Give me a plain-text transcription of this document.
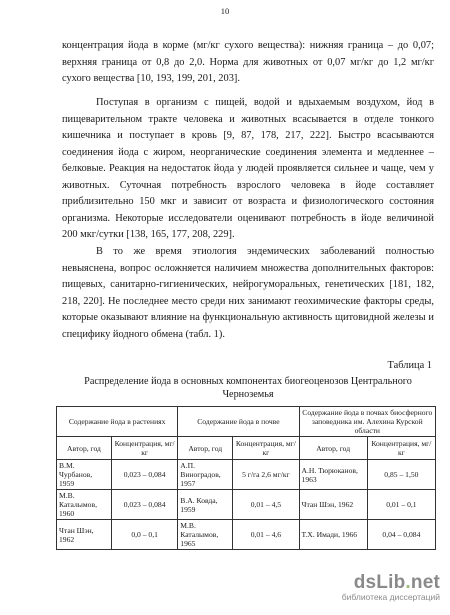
10

концентрация йода в корме (мг/кг сухого вещества): нижняя граница – до 0,07; верхняя граница от 0,8 до 2,0. Норма для животных от 0,07 мг/кг до 1,2 мг/кг сухого вещества [10, 193, 199, 201, 203].

Поступая в организм с пищей, водой и вдыхаемым воздухом, йод в пищеварительном тракте человека и животных всасывается в отделе тонкого кишечника и поступает в кровь [9, 87, 178, 217, 222]. Быстро всасываются соединения йода с жиром, неорганические соединения элемента и медленнее – белковые. Реакция на недостаток йода у людей проявляется сильнее и чаще, чем у животных. Суточная потребность взрослого человека в йоде составляет приблизительно 150 мкг и зависит от возраста и физиологического состояния организма. Некоторые исследователи оценивают потребность в йоде величиной 200 мкг/сутки [138, 165, 177, 208, 229].

В то же время этиология эндемических заболеваний полностью невыяснена, вопрос осложняется наличием множества дополнительных факторов: пищевых, санитарно-гигиенических, нейрогуморальных, генетических [181, 182, 218, 220]. Не последнее место среди них занимают геохимические факторы среды, которые оказывают влияние на функциональную активность щитовидной железы и специфику йодного обмена (табл. 1).

Таблица 1
Распределение йода в основных компонентах биогеоценозов Центрального Черноземья
Содержание йода в растениях		Содержание йода в почве		Содержание йода в почвах биосферного заповедника им. Алехина Курской области	
Автор, год	Концентрация, мг/кг	Автор, год	Концентрация, мг/кг	Автор, год	Концентрация, мг/кг
В.М. Чурбанов, 1959	0,023 – 0,084	А.П. Виноградов, 1957	5 г/га 2,6 мг/кг	А.Н. Тюрюканов, 1963	0,85 – 1,50
М.В. Каталымов, 1960	0,023 – 0,084	В.А. Ковда, 1959	0,01 – 4,5	Чтан Шэн, 1962	0,01 – 0,1
Чтан Шэн, 1962	0,0 – 0,1	М.В. Каталымов, 1965	0,01 – 4,6	Т.Х. Имади, 1966	0,04 – 0,084
dsLib.net
библиотека диссертаций
